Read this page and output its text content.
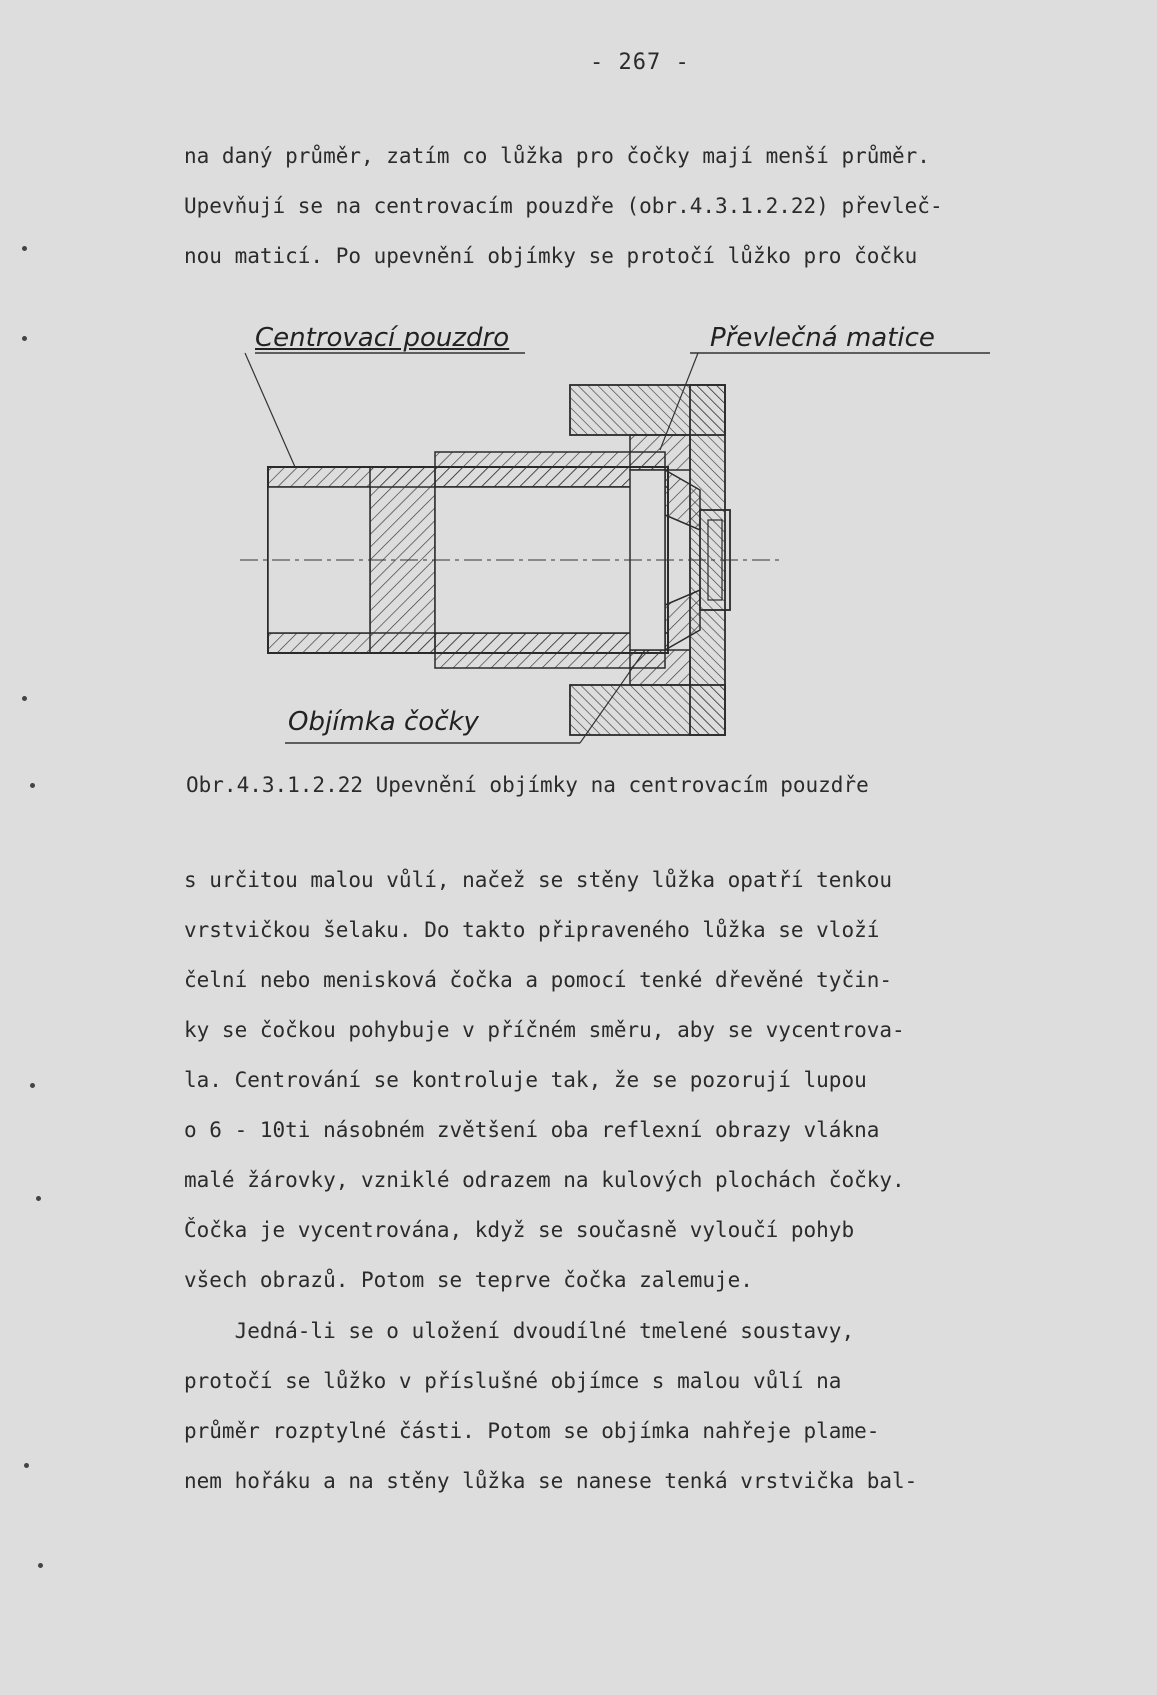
- 267 -

na daný průměr, zatím co lůžka pro čočky mají menší průměr.
Upevňují se na centrovacím pouzdře (obr.4.3.1.2.22) převleč-
nou maticí. Po upevnění objímky se protočí lůžko pro čočku

Centrovací pouzdro	Převlečná matice
Objímka čočky
Obr.4.3.1.2.22 Upevnění objímky na centrovacím pouzdře

s určitou malou vůlí, načež se stěny lůžka opatří tenkou
vrstvičkou šelaku. Do takto připraveného lůžka se vloží
čelní nebo menisková čočka a pomocí tenké dřevěné tyčin-
ky se čočkou pohybuje v příčném směru, aby se vycentrova-
la. Centrování se kontroluje tak, že se pozorují lupou
o 6 - 10ti násobném zvětšení oba reflexní obrazy vlákna
malé žárovky, vzniklé odrazem na kulových plochách čočky.
Čočka je vycentrována, když se současně vyloučí pohyb
všech obrazů. Potom se teprve čočka zalemuje.

Jedná-li se o uložení dvoudílné tmelené soustavy,
protočí se lůžko v příslušné objímce s malou vůlí na
průměr rozptylné části. Potom se objímka nahřeje plame-
nem hořáku a na stěny lůžka se nanese tenká vrstvička bal-
